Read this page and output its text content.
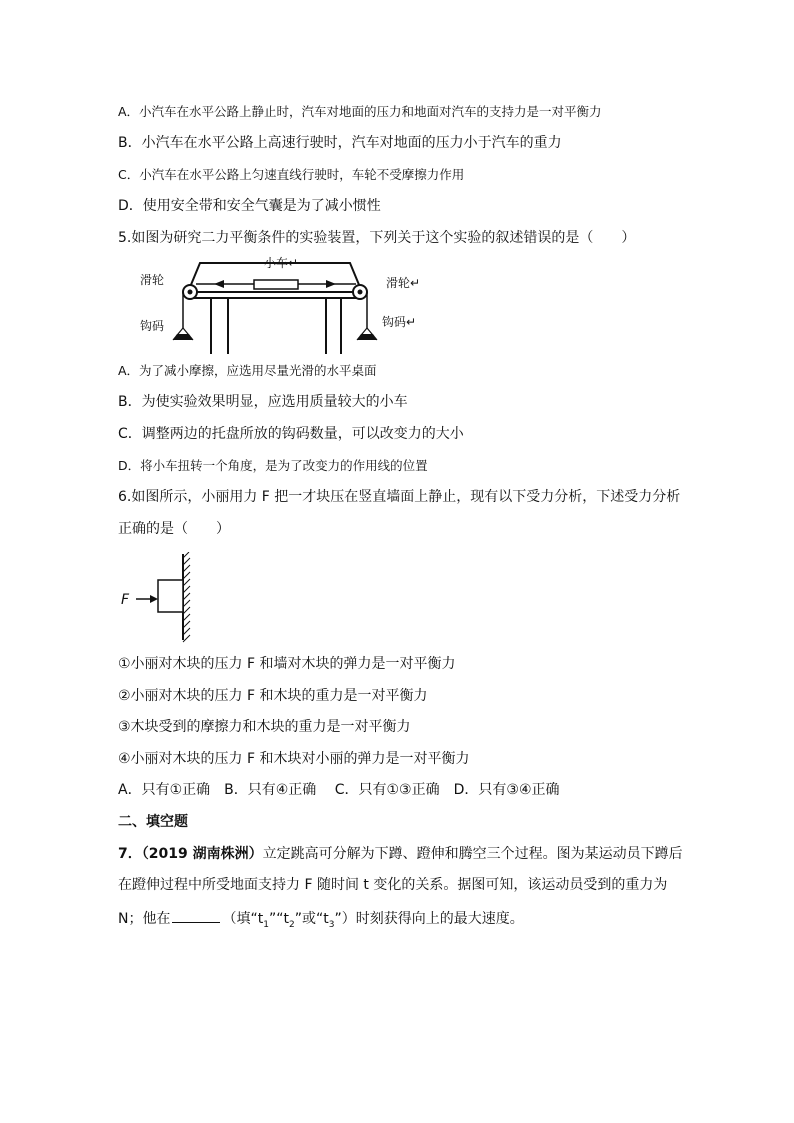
A．小汽车在水平公路上静止时，汽车对地面的压力和地面对汽车的支持力是一对平衡力
B．小汽车在水平公路上高速行驶时，汽车对地面的压力小于汽车的重力
C．小汽车在水平公路上匀速直线行驶时，车轮不受摩擦力作用
D．使用安全带和安全气囊是为了减小惯性
5.如图为研究二力平衡条件的实验装置，下列关于这个实验的叙述错误的是（　　）
小车↵
滑轮	滑轮↵
钩码	钩码↵
A．为了减小摩擦，应选用尽量光滑的水平桌面
B．为使实验效果明显，应选用质量较大的小车
C．调整两边的托盘所放的钩码数量，可以改变力的大小
D．将小车扭转一个角度，是为了改变力的作用线的位置
6.如图所示，小丽用力 F 把一才块压在竖直墙面上静止，现有以下受力分析，下述受力分析
正确的是（　　）
F
①小丽对木块的压力 F 和墙对木块的弹力是一对平衡力
②小丽对木块的压力 F 和木块的重力是一对平衡力
③木块受到的摩擦力和木块的重力是一对平衡力
④小丽对木块的压力 F 和木块对小丽的弹力是一对平衡力
A．只有①正确　B．只有④正确　 C．只有①③正确　D．只有③④正确
二、填空题
7．（2019 湖南株洲）立定跳高可分解为下蹲、蹬伸和腾空三个过程。图为某运动员下蹲后
在蹬伸过程中所受地面支持力 F 随时间 t 变化的关系。据图可知，该运动员受到的重力为
N；他在	（填“$t_1”“t_2$”或“$t_3$”）时刻获得向上的最大速度。
